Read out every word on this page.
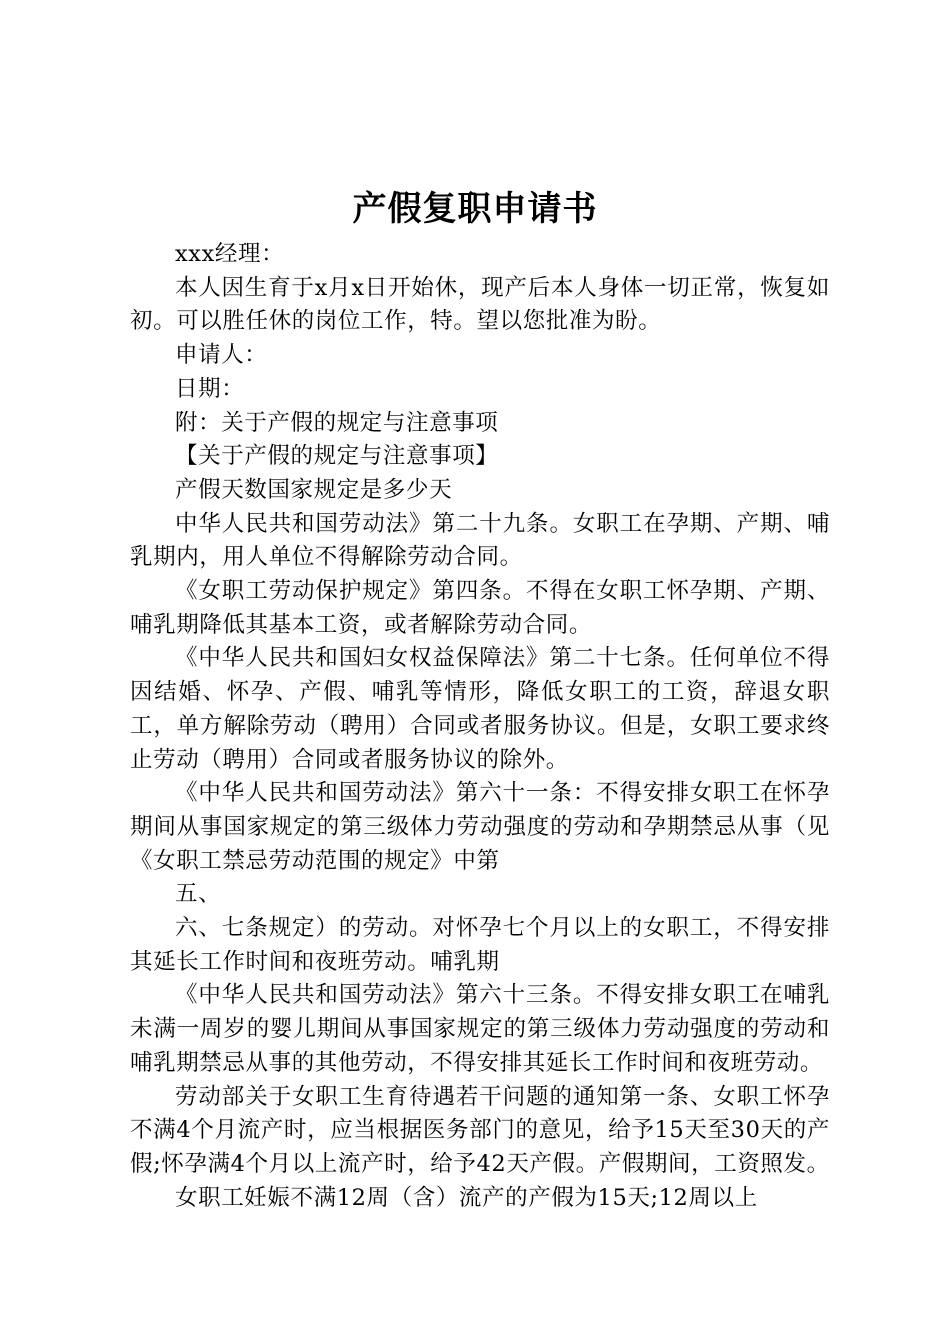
产假复职申请书

xxx经理：

本人因生育于x月x日开始休，现产后本人身体一切正常，恢复如初。可以胜任休的岗位工作，特。望以您批准为盼。

申请人：

日期：

附：关于产假的规定与注意事项

【关于产假的规定与注意事项】

产假天数国家规定是多少天

中华人民共和国劳动法》第二十九条。女职工在孕期、产期、哺乳期内，用人单位不得解除劳动合同。

《女职工劳动保护规定》第四条。不得在女职工怀孕期、产期、哺乳期降低其基本工资，或者解除劳动合同。

《中华人民共和国妇女权益保障法》第二十七条。任何单位不得因结婚、怀孕、产假、哺乳等情形，降低女职工的工资，辞退女职工，单方解除劳动（聘用）合同或者服务协议。但是，女职工要求终止劳动（聘用）合同或者服务协议的除外。

《中华人民共和国劳动法》第六十一条：不得安排女职工在怀孕期间从事国家规定的第三级体力劳动强度的劳动和孕期禁忌从事（见《女职工禁忌劳动范围的规定》中第

五、

六、七条规定）的劳动。对怀孕七个月以上的女职工，不得安排其延长工作时间和夜班劳动。哺乳期

《中华人民共和国劳动法》第六十三条。不得安排女职工在哺乳未满一周岁的婴儿期间从事国家规定的第三级体力劳动强度的劳动和哺乳期禁忌从事的其他劳动，不得安排其延长工作时间和夜班劳动。

劳动部关于女职工生育待遇若干问题的通知第一条、女职工怀孕不满4个月流产时，应当根据医务部门的意见，给予15天至30天的产假;怀孕满4个月以上流产时，给予42天产假。产假期间，工资照发。

女职工妊娠不满12周（含）流产的产假为15天;12周以上
